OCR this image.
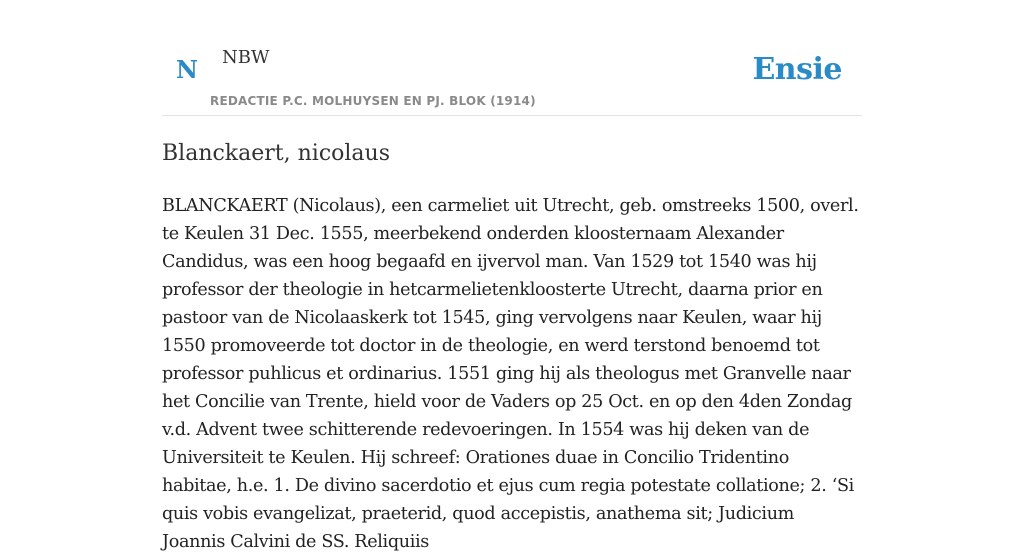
N NBW
REDACTIE P.C. MOLHUYSEN EN PJ. BLOK (1914)
Ensie
Blanckaert, nicolaus

BLANCKAERT (Nicolaus), een carmeliet uit Utrecht, geb. omstreeks 1500, overl. te Keulen 31 Dec. 1555, meerbekend onderden kloosternaam Alexander Candidus, was een hoog begaafd en ijvervol man. Van 1529 tot 1540 was hij professor der theologie in hetcarmelietenkloosterte Utrecht, daarna prior en pastoor van de Nicolaaskerk tot 1545, ging vervolgens naar Keulen, waar hij 1550 promoveerde tot doctor in de theologie, en werd terstond benoemd tot professor puhlicus et ordinarius. 1551 ging hij als theologus met Granvelle naar het Concilie van Trente, hield voor de Vaders op 25 Oct. en op den 4den Zondag v.d. Advent twee schitterende redevoeringen. In 1554 was hij deken van de Universiteit te Keulen. Hij schreef: Orationes duae in Concilio Tridentino habitae, h.e. 1. De divino sacerdotio et ejus cum regia potestate collatione; 2. ‘Si quis vobis evangelizat, praeterid, quod accepistis, anathema sit; Judicium Joannis Calvini de SS. Reliquiis
